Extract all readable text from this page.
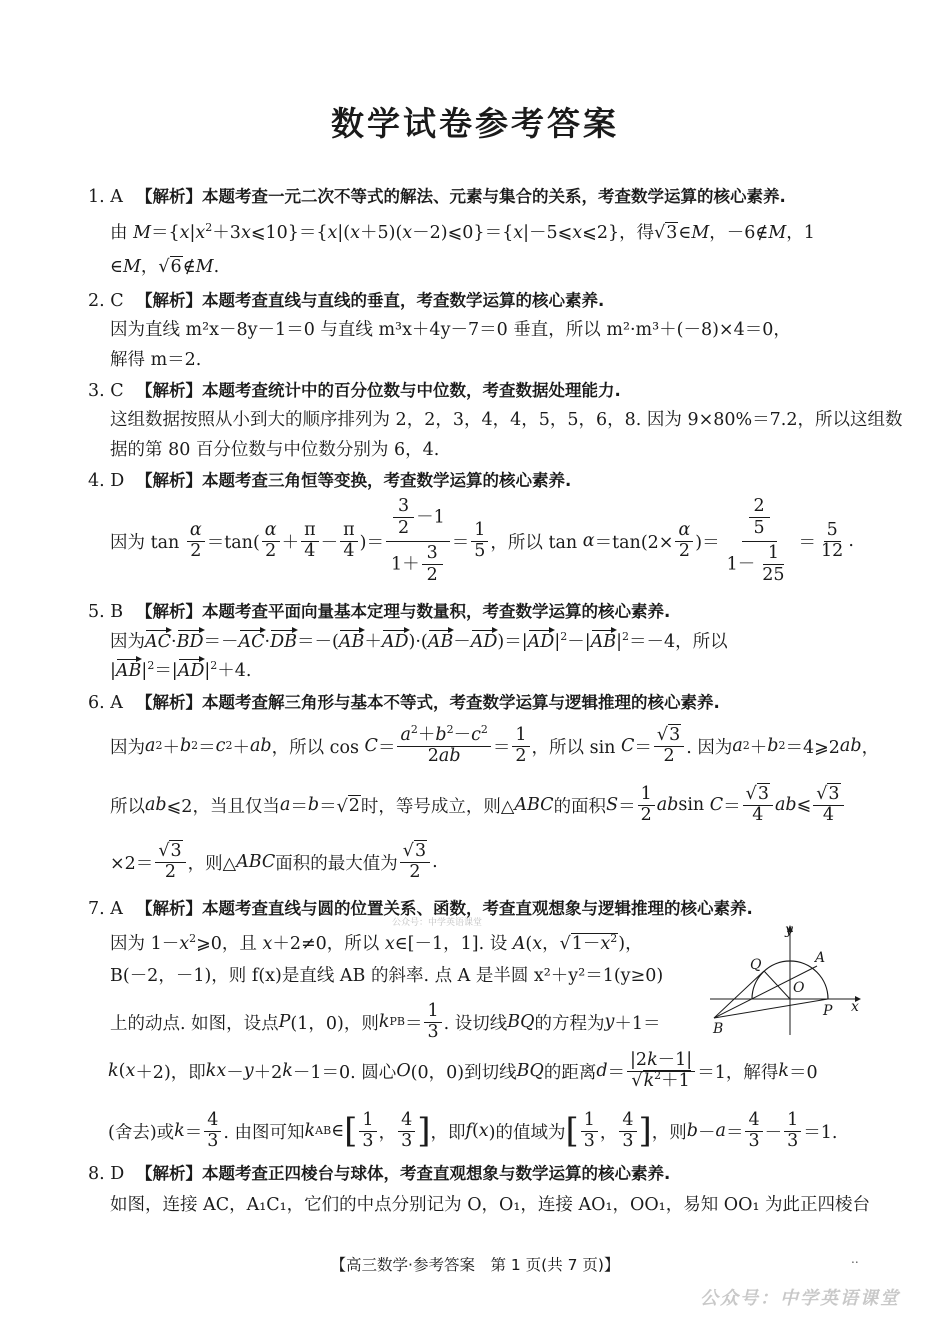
数学试卷参考答案
1. A 【解析】本题考查一元二次不等式的解法、元素与集合的关系，考查数学运算的核心素养.
由 $M=\{x|x^2+3x⩽10\}=\{x|(x+5)(x-2)⩽0\}=\{x|-5⩽x⩽2\}$，得√3∈M，－6∉M，1
∈M，√6∉M.
2. C 【解析】本题考查直线与直线的垂直，考查数学运算的核心素养.
因为直线 m²x－8y－1＝0 与直线 m³x＋4y－7＝0 垂直，所以 m²·m³＋(－8)×4＝0，
解得 m＝2.
3. C 【解析】本题考查统计中的百分位数与中位数，考查数据处理能力.
这组数据按照从小到大的顺序排列为 2，2，3，4，4，5，5，6，8. 因为 9×80%＝7.2，所以这组数
据的第 80 百分位数与中位数分别为 6，4.
4. D 【解析】本题考查三角恒等变换，考查数学运算的核心素养.
因为 $\tan \frac{\alpha}{2} =\tan( \frac{\alpha}{2} + \frac{\pi}{4} - \frac{\pi}{4}$ )＝ $\frac{\frac{3}{2} -1}{1+ \frac{3}{2}} = \frac{1}{5}$ ，所以 $\tan \alpha =\tan(2\times \frac{\alpha}{2}$ )＝ $\frac{\frac{2}{5}}{1- \frac{1}{25}} = \frac{5}{12}$ .
5. B 【解析】本题考查平面向量基本定理与数量积，考查数学运算的核心素养.
因为$AC\cdot BD=-AC\cdot DB=-(AB+AD)\cdot(AB-AD)=|AD|^2-|AB|^2=-4$，所以
$|AB|^2=|AD|^2+4$.
6. A 【解析】本题考查解三角形与基本不等式，考查数学运算与逻辑推理的核心素养.
因为 a 2 ＋ b 2 ＝ c 2 ＋ ab ，所以 $\cos C = \frac{a^2+b^2-c^2}{2ab} = \frac{1}{2}$ ，所以 $\sin C = \frac{√3}{2}$ . 因为 a 2 ＋ b 2 ＝4⩾2 ab ，
所以 ab ⩽2，当且仅当 a ＝ b ＝√ 2 时，等号成立，则△ ABC 的面积 $S = \frac{1}{2}$ ab $\sin C = \frac{√3}{4}$ ab ⩽ $\frac{√3}{4}$
$\times 2= \frac{√3}{2}$ ，则△ ABC 面积的最大值为 $\frac{√3}{2}$ .
7. A 【解析】本题考查直线与圆的位置关系、函数，考查直观想象与逻辑推理的核心素养.
公众号：中学英语课堂
因为 $1-x^2⩾0$，且 x＋2≠0，所以 x∈[－1，1]. 设 A(x，$√1-x^2$)，
B(－2，－1)，则 f(x)是直线 AB 的斜率. 点 A 是半圆 x²＋y²＝1(y≥0)
上的动点. 如图，设点 P (1，0)，则 k PB ＝ $\frac{1}{3}$ . 设切线 BQ 的方程为 y ＋1＝
k ( x ＋2)，即 kx － y ＋2 k －1＝0. 圆心 O (0，0)到切线 BQ 的距离 $d = \frac{|2k-1|}{√k^2+1} =1$，解得 k ＝0
(舍去)或 $k = \frac{4}{3}$ . 由图可知 k AB ∈ [ $\frac{1}{3}$ ， $\frac{4}{3}$ ] ，即 f ( x )的值域为 [ $\frac{1}{3}$ ， $\frac{4}{3}$ ] ，则 $b - a = \frac{4}{3} - \frac{1}{3} =1$.
y
x
Q	A
O
P
B
8. D 【解析】本题考查正四棱台与球体，考查直观想象与数学运算的核心素养.
如图，连接 AC，A₁C₁，它们的中点分别记为 O，O₁，连接 AO₁，OO₁，易知 OO₁ 为此正四棱台
【高三数学·参考答案　第 1 页(共 7 页)】	..
公众号：中学英语课堂
